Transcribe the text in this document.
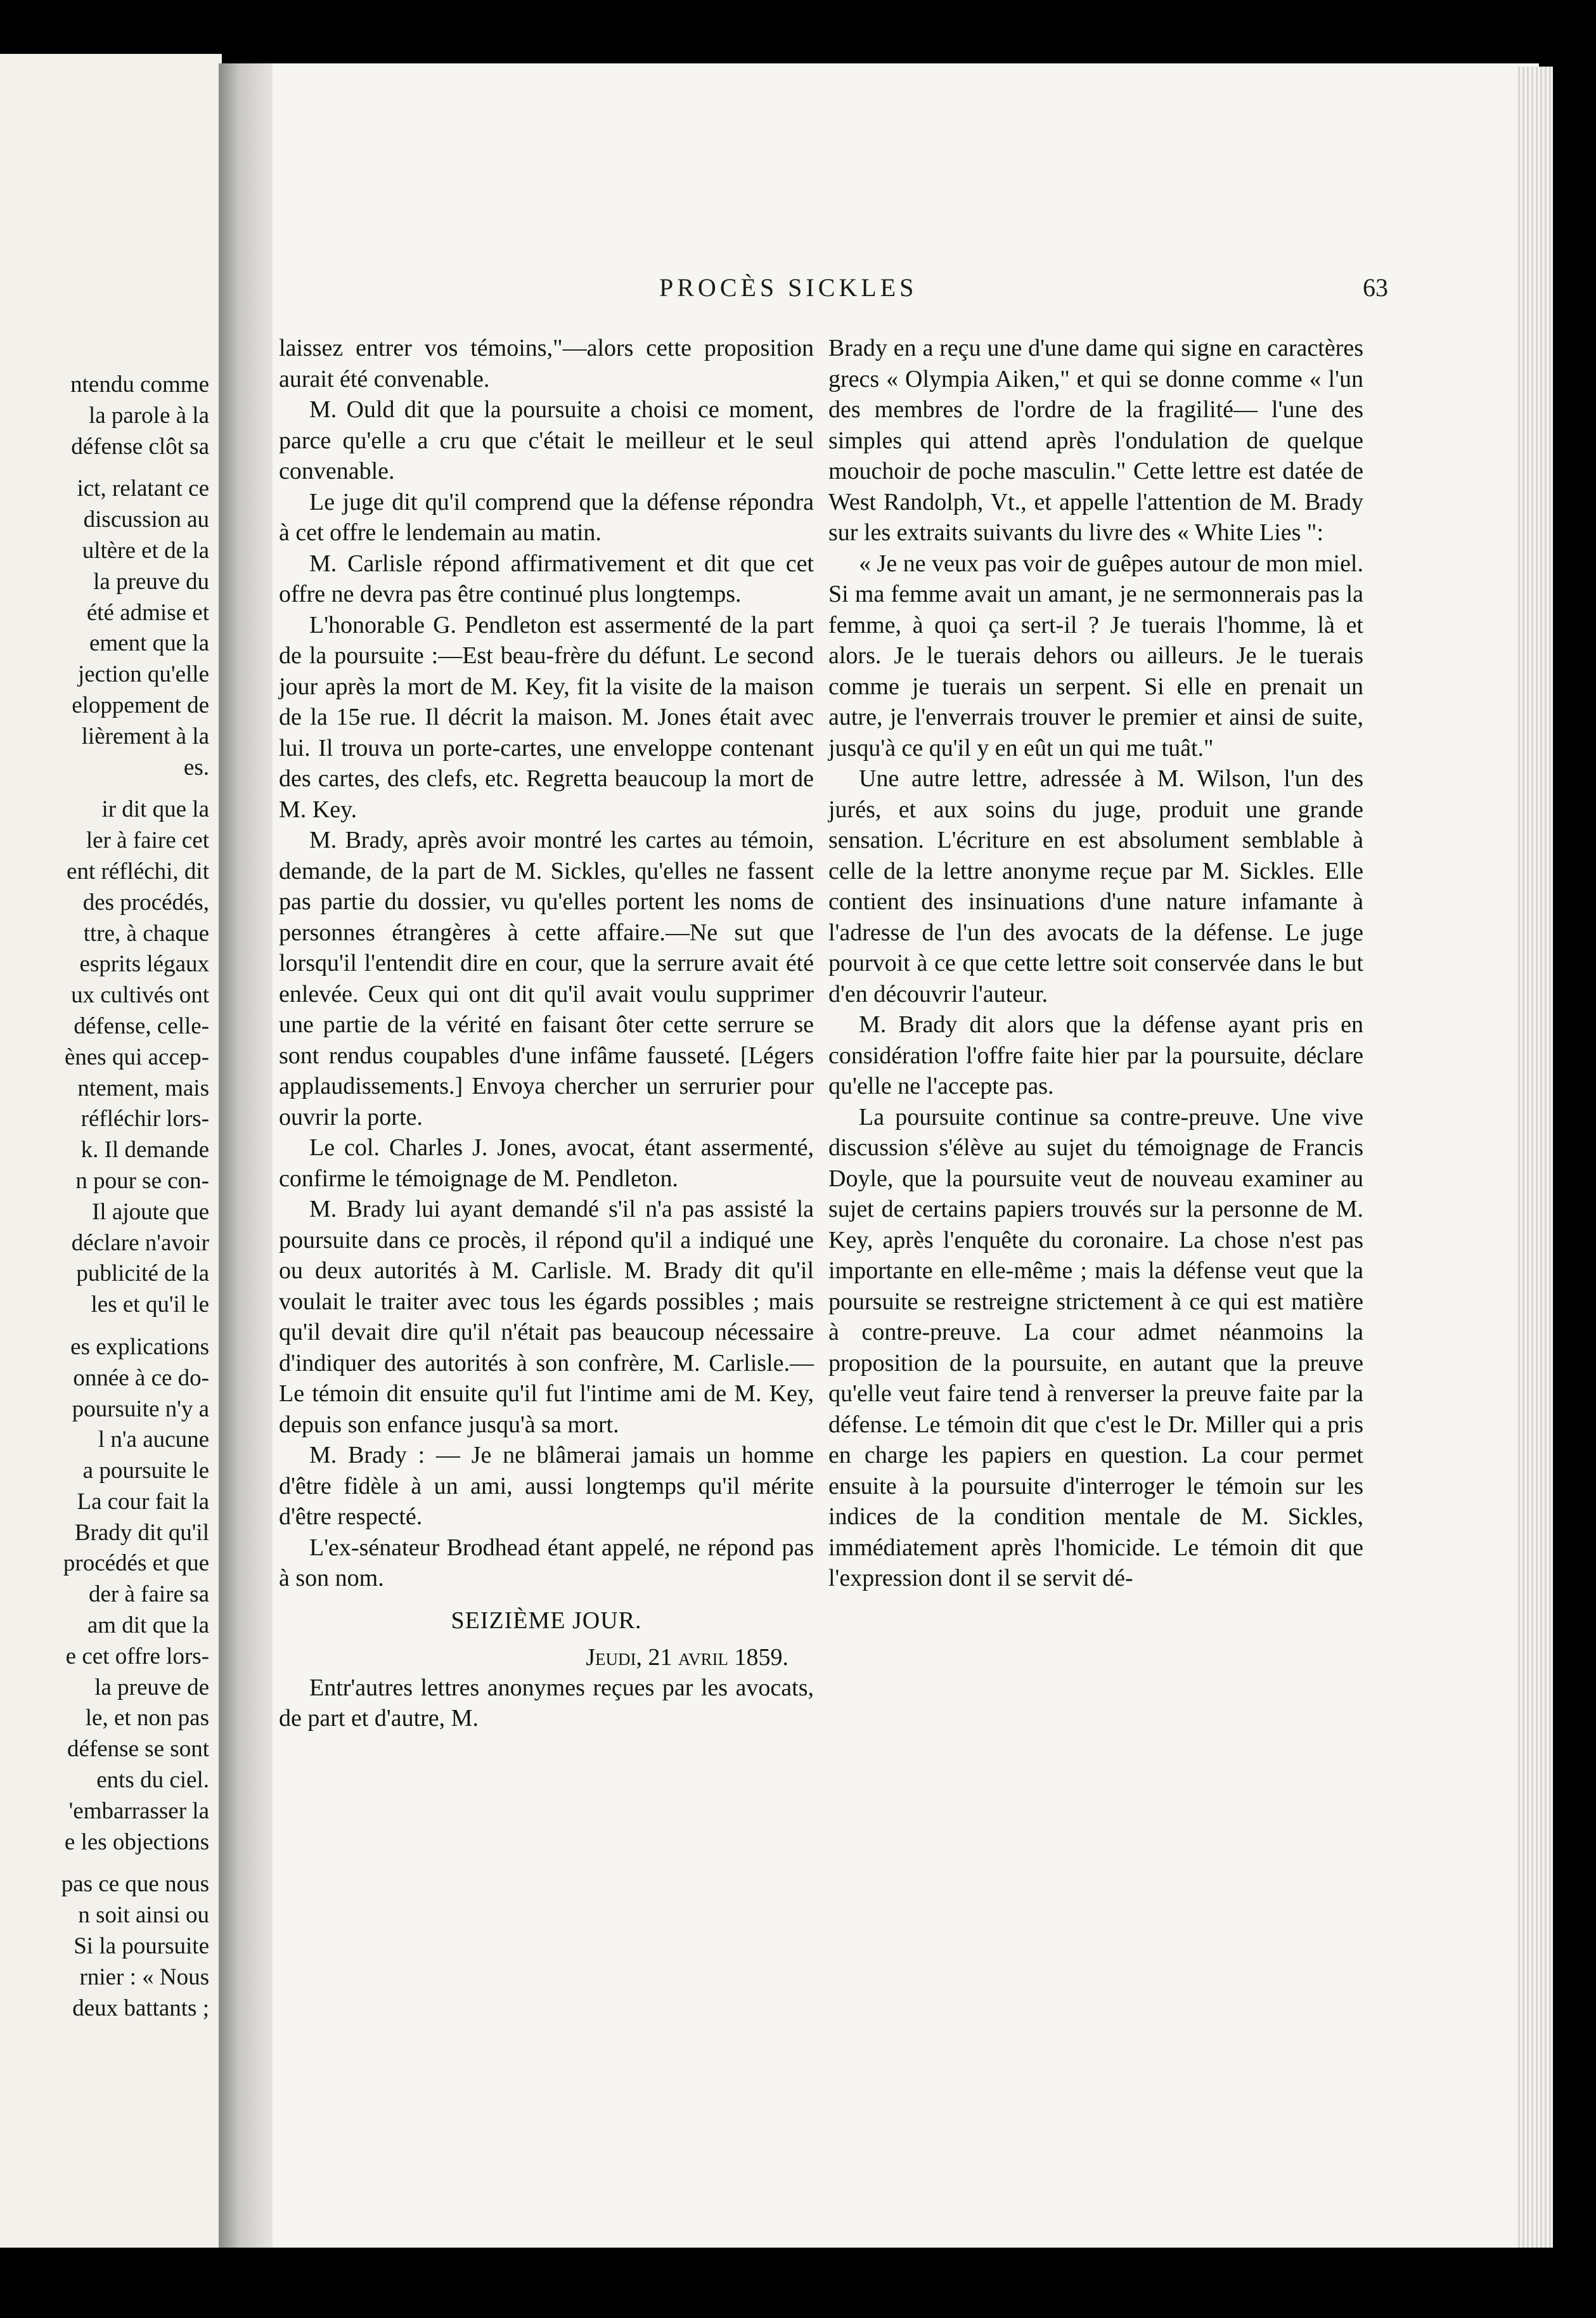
ntendu comme
la parole à la
défense clôt sa
ict, relatant ce
discussion au
ultère et de la
la preuve du
été admise et
ement que la
jection qu'elle
eloppement de
lièrement à la
es.
ir dit que la
ler à faire cet
ent réfléchi, dit
des procédés,
ttre, à chaque
esprits légaux
ux cultivés ont
défense, celle-
ènes qui accep-
ntement, mais
réfléchir lors-
k. Il demande
n pour se con-
Il ajoute que
déclare n'avoir
publicité de la
les et qu'il le
es explications
onnée à ce do-
poursuite n'y a
l n'a aucune
a poursuite le
La cour fait la
Brady dit qu'il
procédés et que
der à faire sa
am dit que la
e cet offre lors-
la preuve de
le, et non pas
défense se sont
ents du ciel.
'embarrasser la
e les objections
pas ce que nous
n soit ainsi ou
Si la poursuite
rnier : « Nous
deux battants ;
PROCÈS SICKLES	63

laissez entrer vos témoins,"—alors cette proposition aurait été convenable.

M. Ould dit que la poursuite a choisi ce moment, parce qu'elle a cru que c'était le meilleur et le seul convenable.

Le juge dit qu'il comprend que la défense répondra à cet offre le lendemain au matin.

M. Carlisle répond affirmativement et dit que cet offre ne devra pas être continué plus longtemps.

L'honorable G. Pendleton est assermenté de la part de la poursuite :—Est beau-frère du défunt. Le second jour après la mort de M. Key, fit la visite de la maison de la 15e rue. Il décrit la maison. M. Jones était avec lui. Il trouva un porte-cartes, une enveloppe contenant des cartes, des clefs, etc. Regretta beaucoup la mort de M. Key.

M. Brady, après avoir montré les cartes au témoin, demande, de la part de M. Sickles, qu'elles ne fassent pas partie du dossier, vu qu'elles portent les noms de personnes étrangères à cette affaire.—Ne sut que lorsqu'il l'entendit dire en cour, que la serrure avait été enlevée. Ceux qui ont dit qu'il avait voulu supprimer une partie de la vérité en faisant ôter cette serrure se sont rendus coupables d'une infâme fausseté. [Légers applaudissements.] Envoya chercher un serrurier pour ouvrir la porte.

Le col. Charles J. Jones, avocat, étant assermenté, confirme le témoignage de M. Pendleton.

M. Brady lui ayant demandé s'il n'a pas assisté la poursuite dans ce procès, il répond qu'il a indiqué une ou deux autorités à M. Carlisle. M. Brady dit qu'il voulait le traiter avec tous les égards possibles ; mais qu'il devait dire qu'il n'était pas beaucoup nécessaire d'indiquer des autorités à son confrère, M. Carlisle.— Le témoin dit ensuite qu'il fut l'intime ami de M. Key, depuis son enfance jusqu'à sa mort.

M. Brady : — Je ne blâmerai jamais un homme d'être fidèle à un ami, aussi longtemps qu'il mérite d'être respecté.

L'ex-sénateur Brodhead étant appelé, ne répond pas à son nom.

SEIZIÈME JOUR.
Jeudi, 21 avril 1859.

Entr'autres lettres anonymes reçues par les avocats, de part et d'autre, M.

Brady en a reçu une d'une dame qui signe en caractères grecs « Olympia Aiken," et qui se donne comme « l'un des membres de l'ordre de la fragilité— l'une des simples qui attend après l'ondulation de quelque mouchoir de poche masculin." Cette lettre est datée de West Randolph, Vt., et appelle l'attention de M. Brady sur les extraits suivants du livre des « White Lies ":

« Je ne veux pas voir de guêpes autour de mon miel. Si ma femme avait un amant, je ne sermonnerais pas la femme, à quoi ça sert-il ? Je tuerais l'homme, là et alors. Je le tuerais dehors ou ailleurs. Je le tuerais comme je tuerais un serpent. Si elle en prenait un autre, je l'enverrais trouver le premier et ainsi de suite, jusqu'à ce qu'il y en eût un qui me tuât."

Une autre lettre, adressée à M. Wilson, l'un des jurés, et aux soins du juge, produit une grande sensation. L'écriture en est absolument semblable à celle de la lettre anonyme reçue par M. Sickles. Elle contient des insinuations d'une nature infamante à l'adresse de l'un des avocats de la défense. Le juge pourvoit à ce que cette lettre soit conservée dans le but d'en découvrir l'auteur.

M. Brady dit alors que la défense ayant pris en considération l'offre faite hier par la poursuite, déclare qu'elle ne l'accepte pas.

La poursuite continue sa contre-preuve. Une vive discussion s'élève au sujet du témoignage de Francis Doyle, que la poursuite veut de nouveau examiner au sujet de certains papiers trouvés sur la personne de M. Key, après l'enquête du coronaire. La chose n'est pas importante en elle-même ; mais la défense veut que la poursuite se restreigne strictement à ce qui est matière à contre-preuve. La cour admet néanmoins la proposition de la poursuite, en autant que la preuve qu'elle veut faire tend à renverser la preuve faite par la défense. Le témoin dit que c'est le Dr. Miller qui a pris en charge les papiers en question. La cour permet ensuite à la poursuite d'interroger le témoin sur les indices de la condition mentale de M. Sickles, immédiatement après l'homicide. Le témoin dit que l'expression dont il se servit dé-
